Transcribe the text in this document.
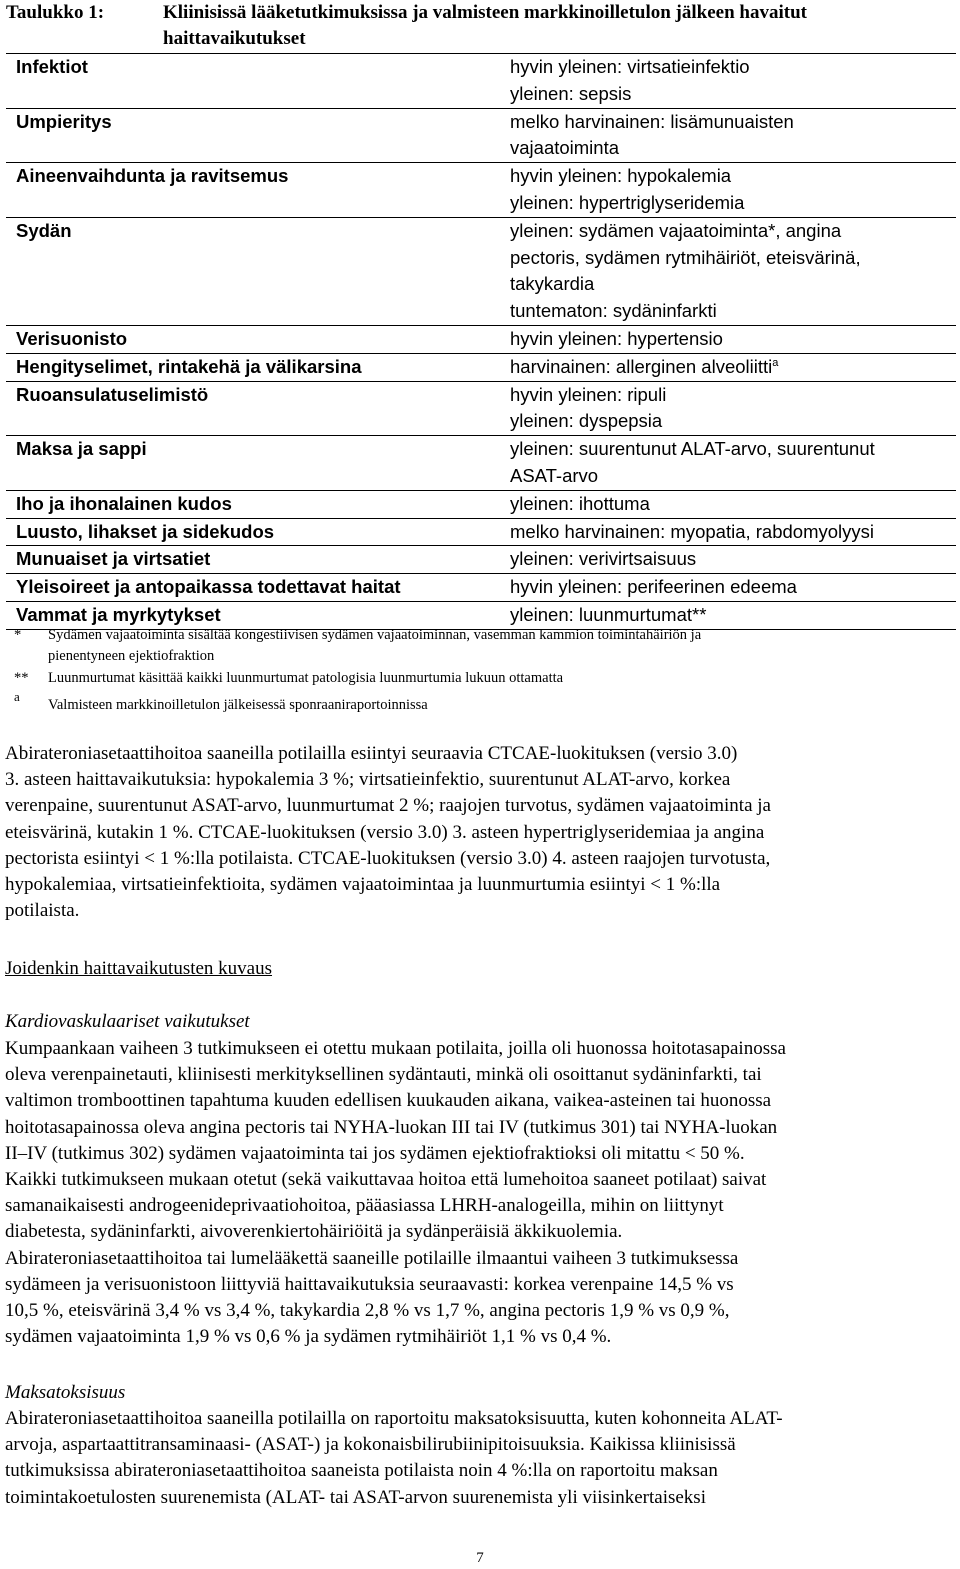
Taulukko 1:	Kliinisissä lääketutkimuksissa ja valmisteen markkinoilletulon jälkeen havaitut haittavaikutukset
Infektiot	hyvin yleinen: virtsatieinfektio
yleinen: sepsis

Umpieritys	melko harvinainen: lisämunuaisten
vajaatoiminta

Aineenvaihdunta ja ravitsemus	hyvin yleinen: hypokalemia
yleinen: hypertriglyseridemia

Sydän	yleinen: sydämen vajaatoiminta*, angina
pectoris, sydämen rytmihäiriöt, eteisvärinä,
takykardia
tuntematon: sydäninfarkti

Verisuonisto	hyvin yleinen: hypertensio

Hengityselimet, rintakehä ja välikarsina	harvinainen: allerginen alveoliitti$^a$

Ruoansulatuselimistö	hyvin yleinen: ripuli
yleinen: dyspepsia

Maksa ja sappi	yleinen: suurentunut ALAT-arvo, suurentunut
ASAT-arvo

Iho ja ihonalainen kudos	yleinen: ihottuma

Luusto, lihakset ja sidekudos	melko harvinainen: myopatia, rabdomyolyysi

Munuaiset ja virtsatiet	yleinen: verivirtsaisuus

Yleisoireet ja antopaikassa todettavat haitat	hyvin yleinen: perifeerinen edeema

Vammat ja myrkytykset	yleinen: luunmurtumat**
* Sydämen vajaatoiminta sisältää kongestiivisen sydämen vajaatoiminnan, vasemman kammion toimintahäiriön ja
pienentyneen ejektiofraktion
** Luunmurtumat käsittää kaikki luunmurtumat patologisia luunmurtumia lukuun ottamatta
a
Valmisteen markkinoilletulon jälkeisessä sponraaniraportoinnissa
Abirateroniasetaattihoitoa saaneilla potilailla esiintyi seuraavia CTCAE-luokituksen (versio 3.0)
3. asteen haittavaikutuksia: hypokalemia 3 %; virtsatieinfektio, suurentunut ALAT-arvo, korkea
verenpaine, suurentunut ASAT-arvo, luunmurtumat 2 %; raajojen turvotus, sydämen vajaatoiminta ja
eteisvärinä, kutakin 1 %. CTCAE-luokituksen (versio 3.0) 3. asteen hypertriglyseridemiaa ja angina
pectorista esiintyi < 1 %:lla potilaista. CTCAE-luokituksen (versio 3.0) 4. asteen raajojen turvotusta,
hypokalemiaa, virtsatieinfektioita, sydämen vajaatoimintaa ja luunmurtumia esiintyi < 1 %:lla
potilaista.
Joidenkin haittavaikutusten kuvaus
Kardiovaskulaariset vaikutukset
Kumpaankaan vaiheen 3 tutkimukseen ei otettu mukaan potilaita, joilla oli huonossa hoitotasapainossa
oleva verenpainetauti, kliinisesti merkityksellinen sydäntauti, minkä oli osoittanut sydäninfarkti, tai
valtimon tromboottinen tapahtuma kuuden edellisen kuukauden aikana, vaikea-asteinen tai huonossa
hoitotasapainossa oleva angina pectoris tai NYHA-luokan III tai IV (tutkimus 301) tai NYHA-luokan
II–IV (tutkimus 302) sydämen vajaatoiminta tai jos sydämen ejektiofraktioksi oli mitattu < 50 %.
Kaikki tutkimukseen mukaan otetut (sekä vaikuttavaa hoitoa että lumehoitoa saaneet potilaat) saivat
samanaikaisesti androgeenideprivaatiohoitoa, pääasiassa LHRH-analogeilla, mihin on liittynyt
diabetesta, sydäninfarkti, aivoverenkiertohäiriöitä ja sydänperäisiä äkkikuolemia.
Abirateroniasetaattihoitoa tai lumelääkettä saaneille potilaille ilmaantui vaiheen 3 tutkimuksessa
sydämeen ja verisuonistoon liittyviä haittavaikutuksia seuraavasti: korkea verenpaine 14,5 % vs
10,5 %, eteisvärinä 3,4 % vs 3,4 %, takykardia 2,8 % vs 1,7 %, angina pectoris 1,9 % vs 0,9 %,
sydämen vajaatoiminta 1,9 % vs 0,6 % ja sydämen rytmihäiriöt 1,1 % vs 0,4 %.
Maksatoksisuus
Abirateroniasetaattihoitoa saaneilla potilailla on raportoitu maksatoksisuutta, kuten kohonneita ALAT-
arvoja, aspartaattitransaminaasi- (ASAT-) ja kokonaisbilirubiinipitoisuuksia. Kaikissa kliinisissä
tutkimuksissa abirateroniasetaattihoitoa saaneista potilaista noin 4 %:lla on raportoitu maksan
toimintakoetulosten suurenemista (ALAT- tai ASAT-arvon suurenemista yli viisinkertaiseksi
7
